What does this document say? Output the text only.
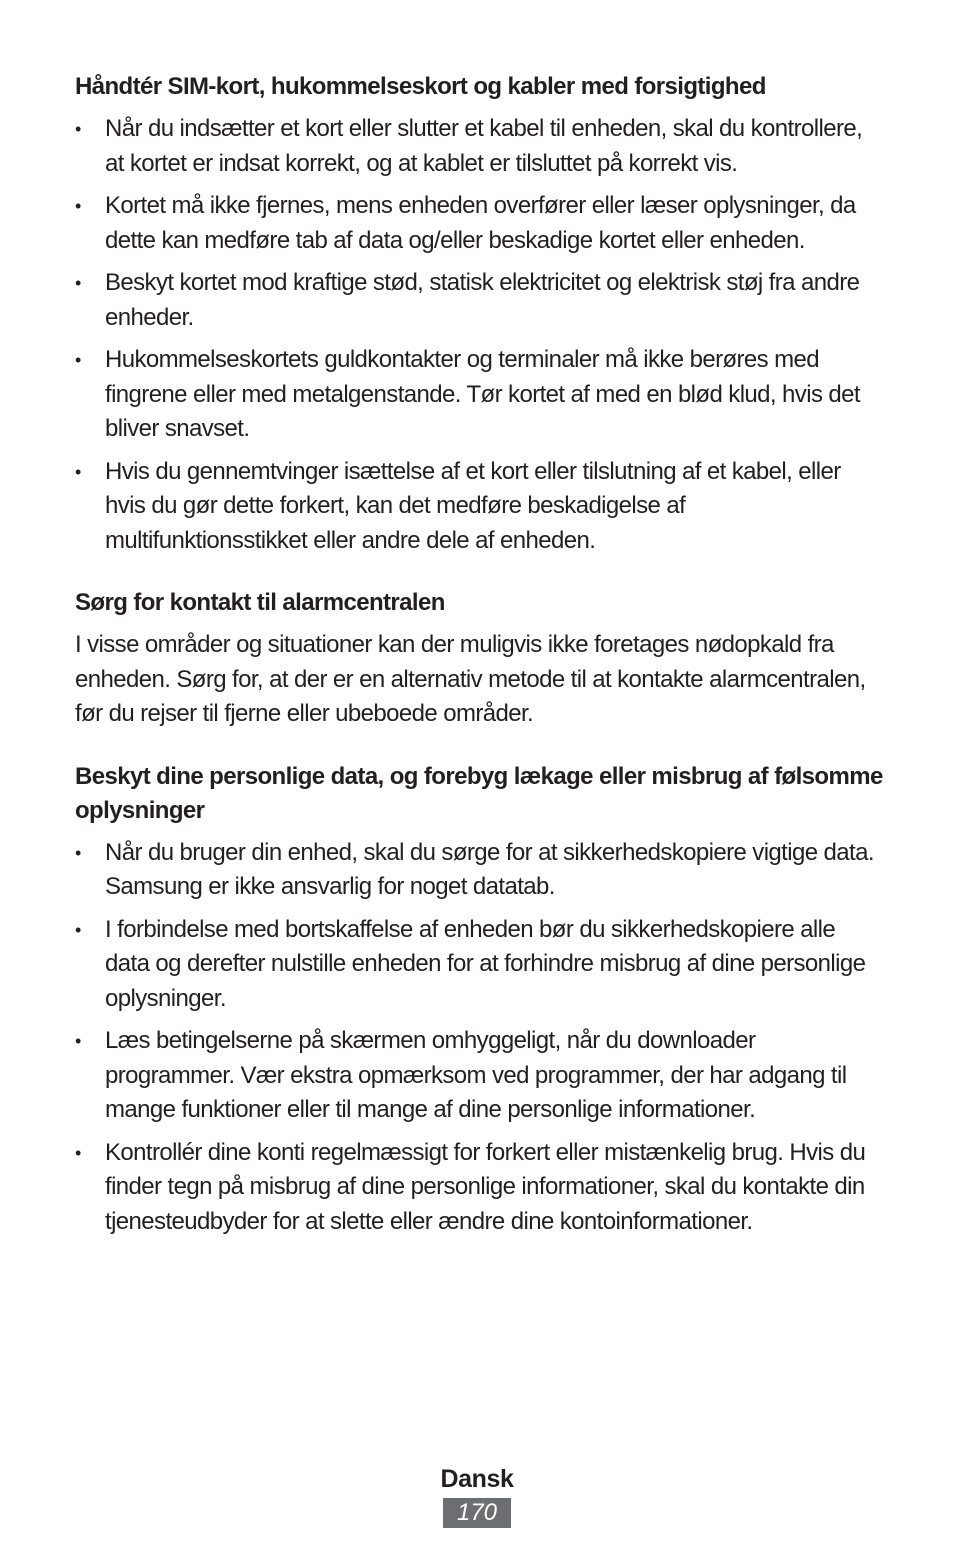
Håndtér SIM-kort, hukommelseskort og kabler med forsigtighed
• Når du indsætter et kort eller slutter et kabel til enheden, skal du kontrollere, at kortet er indsat korrekt, og at kablet er tilsluttet på korrekt vis.
• Kortet må ikke fjernes, mens enheden overfører eller læser oplysninger, da dette kan medføre tab af data og/eller beskadige kortet eller enheden.
• Beskyt kortet mod kraftige stød, statisk elektricitet og elektrisk støj fra andre enheder.
• Hukommelseskortets guldkontakter og terminaler må ikke berøres med fingrene eller med metalgenstande. Tør kortet af med en blød klud, hvis det bliver snavset.
• Hvis du gennemtvinger isættelse af et kort eller tilslutning af et kabel, eller hvis du gør dette forkert, kan det medføre beskadigelse af multifunktionsstikket eller andre dele af enheden.
Sørg for kontakt til alarmcentralen

I visse områder og situationer kan der muligvis ikke foretages nødopkald fra enheden. Sørg for, at der er en alternativ metode til at kontakte alarmcentralen, før du rejser til fjerne eller ubeboede områder.

Beskyt dine personlige data, og forebyg lækage eller misbrug af følsomme oplysninger
• Når du bruger din enhed, skal du sørge for at sikkerhedskopiere vigtige data. Samsung er ikke ansvarlig for noget datatab.
• I forbindelse med bortskaffelse af enheden bør du sikkerhedskopiere alle data og derefter nulstille enheden for at forhindre misbrug af dine personlige oplysninger.
• Læs betingelserne på skærmen omhyggeligt, når du downloader programmer. Vær ekstra opmærksom ved programmer, der har adgang til mange funktioner eller til mange af dine personlige informationer.
• Kontrollér dine konti regelmæssigt for forkert eller mistænkelig brug. Hvis du finder tegn på misbrug af dine personlige informationer, skal du kontakte din tjenesteudbyder for at slette eller ændre dine kontoinformationer.
Dansk
170
